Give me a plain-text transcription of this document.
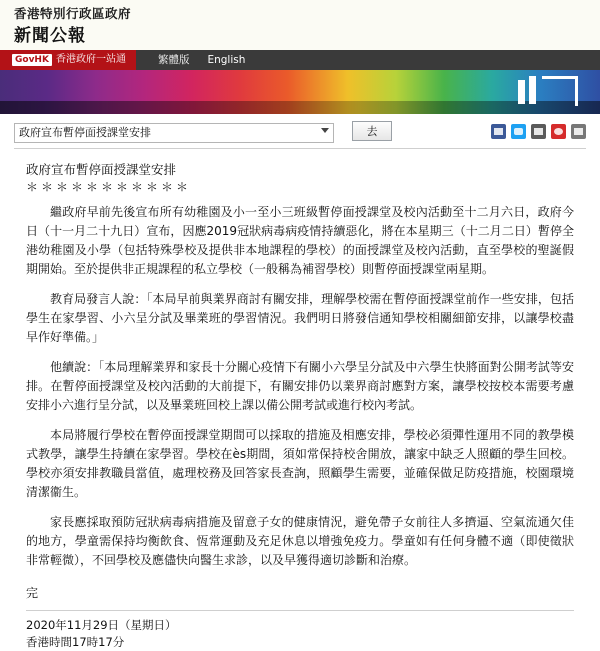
香港特別行政區政府
新聞公報
GovHK 香港政府一站通	繁體版 English
政府宣布暫停面授課堂安排
去

政府宣布暫停面授課堂安排

＊＊＊＊＊＊＊＊＊＊＊

繼政府早前先後宣布所有幼稚園及小一至小三班級暫停面授課堂及校內活動至十二月六日，政府今日（十一月二十九日）宣布，因應2019冠狀病毒病疫情持續惡化，將在本星期三（十二月二日）暫停全港幼稚園及小學（包括特殊學校及提供非本地課程的學校）的面授課堂及校內活動，直至學校的聖誕假期開始。至於提供非正規課程的私立學校（一般稱為補習學校）則暫停面授課堂兩星期。

教育局發言人說：「本局早前與業界商討有關安排，理解學校需在暫停面授課堂前作一些安排，包括學生在家學習、小六呈分試及畢業班的學習情況。我們明日將發信通知學校相關細節安排，以讓學校盡早作好準備。」

他續說：「本局理解業界和家長十分關心疫情下有關小六學呈分試及中六學生快將面對公開考試等安排。在暫停面授課堂及校內活動的大前提下，有關安排仍以業界商討應對方案，讓學校按校本需要考慮安排小六進行呈分試，以及畢業班回校上課以備公開考試或進行校內考試。

本局將履行學校在暫停面授課堂期間可以採取的措施及相應安排，學校必須彈性運用不同的教學模式教學，讓學生持續在家學習。學校在ès期間，須如常保持校舍開放，讓家中缺乏人照顧的學生回校。學校亦須安排教職員當值，處理校務及回答家長查詢，照顧學生需要，並確保做足防疫措施，校園環境清潔衞生。

家長應採取預防冠狀病毒病措施及留意子女的健康情況，避免帶子女前往人多擠逼、空氣流通欠佳的地方，學童需保持均衡飲食、恆常運動及充足休息以增強免疫力。學童如有任何身體不適（即使徵狀非常輕微），不回學校及應儘快向醫生求診，以及早獲得適切診斷和治療。

完

2020年11月29日（星期日）

香港時間17時17分
